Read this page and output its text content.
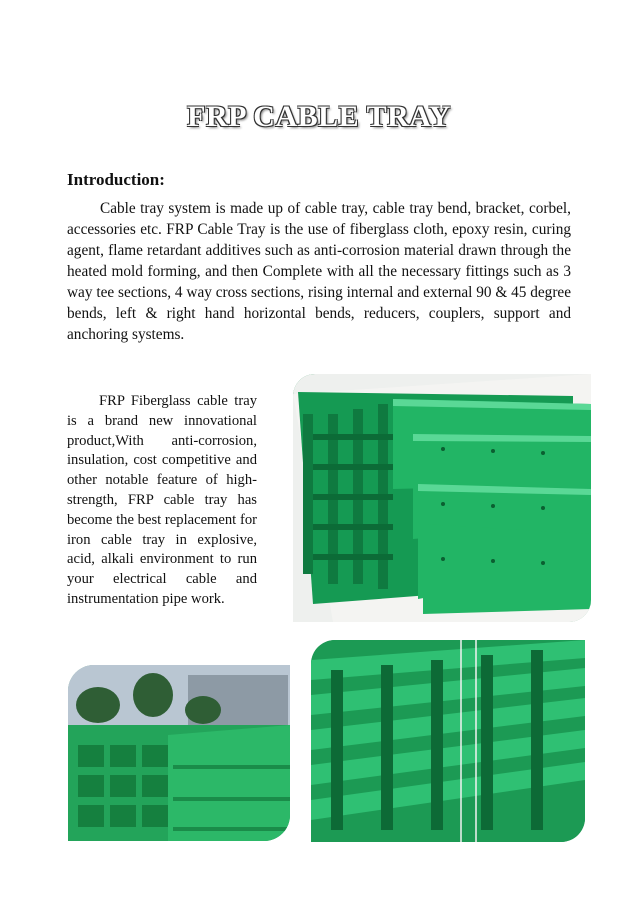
FRP CABLE TRAY
Introduction:

Cable tray system is made up of cable tray, cable tray bend, bracket, corbel, accessories etc. FRP Cable Tray is the use of fiberglass cloth, epoxy resin, curing agent, flame retardant additives such as anti-corrosion material drawn through the heated mold forming, and then Complete with all the necessary fittings such as 3 way tee sections, 4 way cross sections, rising internal and external 90 & 45 degree bends, left & right hand horizontal bends, reducers, couplers, support and anchoring systems.

FRP Fiberglass cable tray is a brand new innovational product,With anti-corrosion, insulation, cost competitive and other notable feature of high-strength, FRP cable tray has become the best replacement for iron cable tray in explosive, acid, alkali environment to run your electrical cable and instrumentation pipe work.
